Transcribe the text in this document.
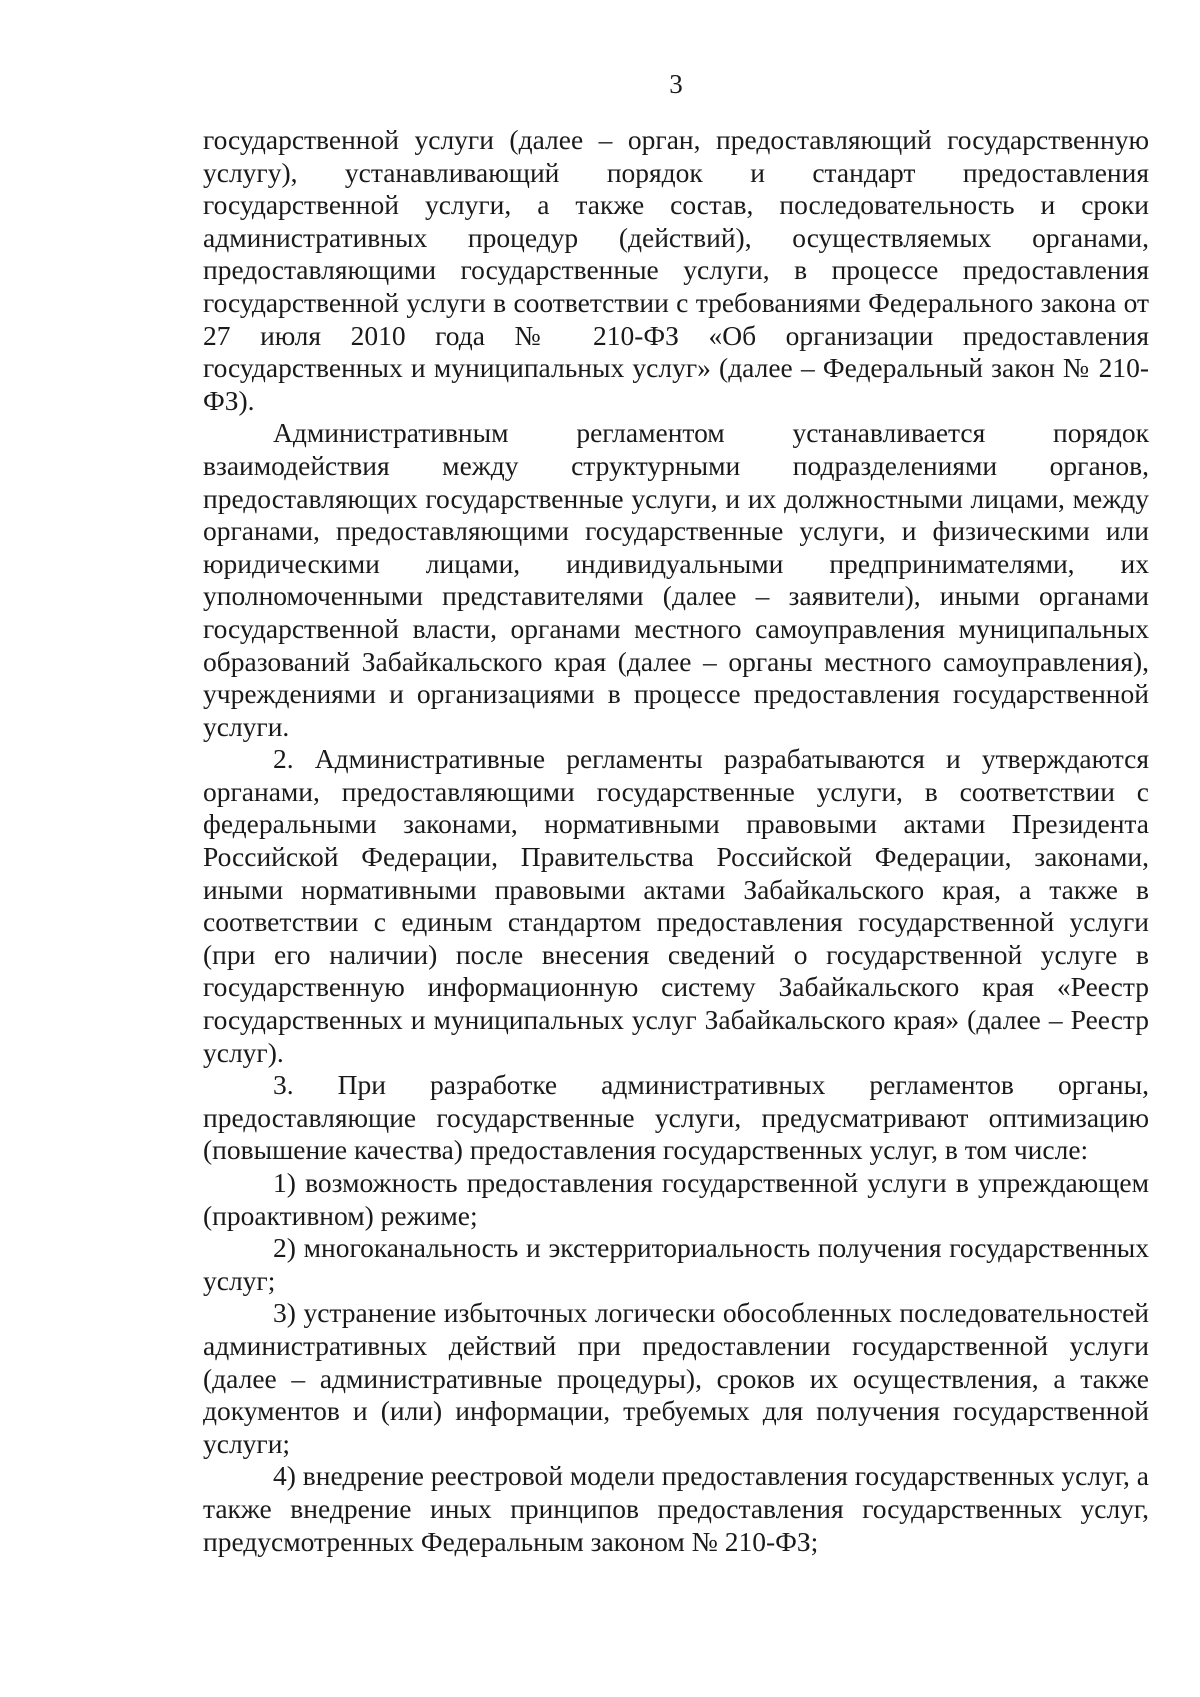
3

государственной услуги (далее – орган, предоставляющий государственную услугу), устанавливающий порядок и стандарт предоставления государственной услуги, а также состав, последовательность и сроки административных процедур (действий), осуществляемых органами, предоставляющими государственные услуги, в процессе предоставления государственной услуги в соответствии с требованиями Федерального закона от 27 июля 2010 года № 210-ФЗ «Об организации предоставления государственных и муниципальных услуг» (далее – Федеральный закон № 210-ФЗ).

Административным регламентом устанавливается порядок взаимодействия между структурными подразделениями органов, предоставляющих государственные услуги, и их должностными лицами, между органами, предоставляющими государственные услуги, и физическими или юридическими лицами, индивидуальными предпринимателями, их уполномоченными представителями (далее – заявители), иными органами государственной власти, органами местного самоуправления муниципальных образований Забайкальского края (далее – органы местного самоуправления), учреждениями и организациями в процессе предоставления государственной услуги.

2. Административные регламенты разрабатываются и утверждаются органами, предоставляющими государственные услуги, в соответствии с федеральными законами, нормативными правовыми актами Президента Российской Федерации, Правительства Российской Федерации, законами, иными нормативными правовыми актами Забайкальского края, а также в соответствии с единым стандартом предоставления государственной услуги (при его наличии) после внесения сведений о государственной услуге в государственную информационную систему Забайкальского края «Реестр государственных и муниципальных услуг Забайкальского края» (далее – Реестр услуг).

3. При разработке административных регламентов органы, предоставляющие государственные услуги, предусматривают оптимизацию (повышение качества) предоставления государственных услуг, в том числе:

1) возможность предоставления государственной услуги в упреждающем (проактивном) режиме;

2) многоканальность и экстерриториальность получения государственных услуг;

3) устранение избыточных логически обособленных последовательностей административных действий при предоставлении государственной услуги (далее – административные процедуры), сроков их осуществления, а также документов и (или) информации, требуемых для получения государственной услуги;

4) внедрение реестровой модели предоставления государственных услуг, а также внедрение иных принципов предоставления государственных услуг, предусмотренных Федеральным законом № 210-ФЗ;
